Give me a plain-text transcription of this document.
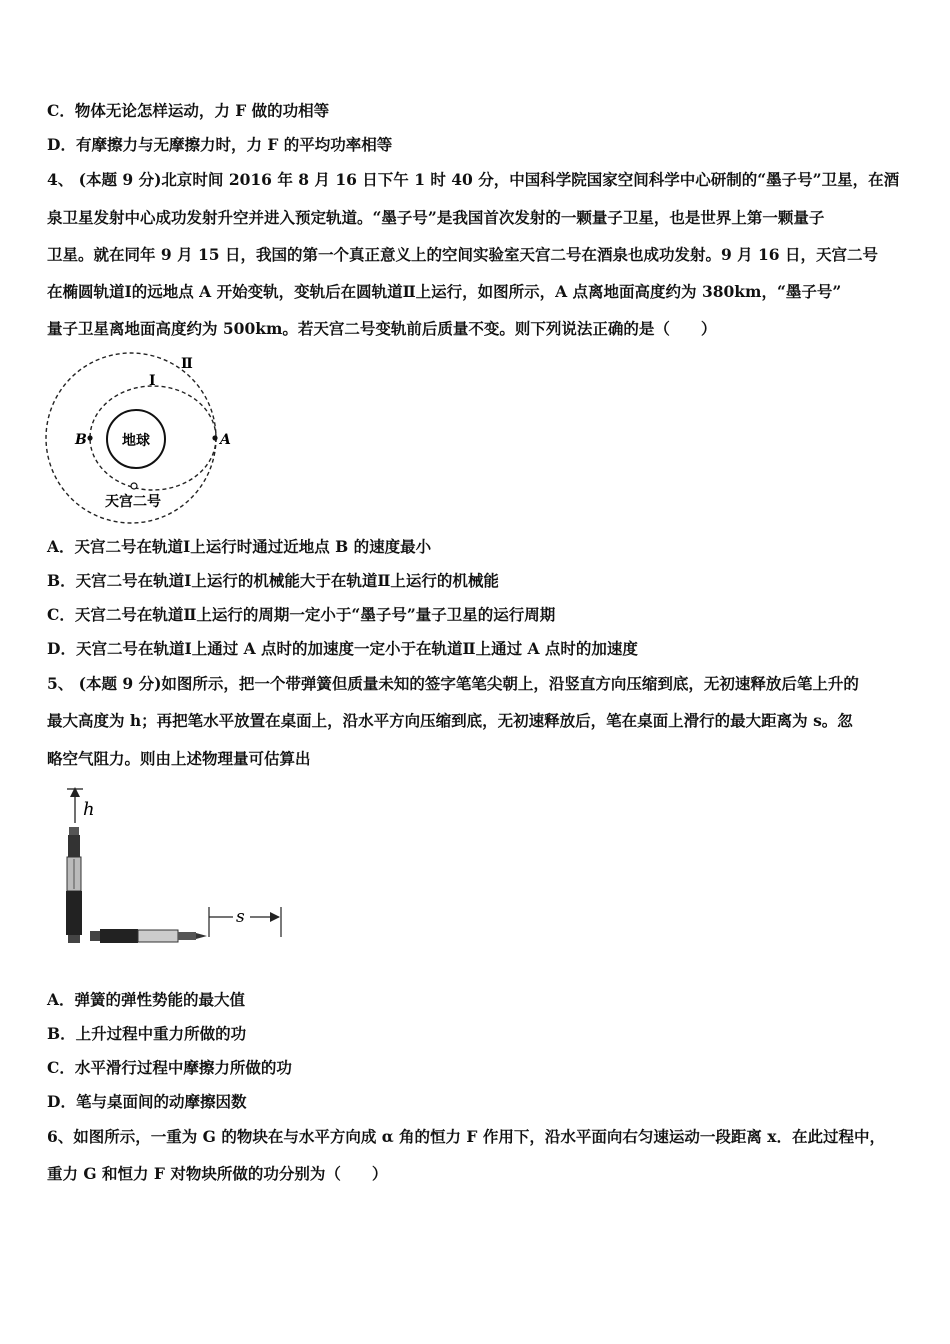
C．物体无论怎样运动，力 F 做的功相等
D．有摩擦力与无摩擦力时，力 F 的平均功率相等
4、 (本题 9 分)北京时间 2016 年 8 月 16 日下午 1 时 40 分，中国科学院国家空间科学中心研制的“墨子号”卫星，在酒
泉卫星发射中心成功发射升空并进入预定轨道。“墨子号”是我国首次发射的一颗量子卫星，也是世界上第一颗量子
卫星。就在同年 9 月 15 日，我国的第一个真正意义上的空间实验室天宫二号在酒泉也成功发射。9 月 16 日，天宫二号
在椭圆轨道Ⅰ的远地点 A 开始变轨，变轨后在圆轨道Ⅱ上运行，如图所示，A 点离地面高度约为 380km，“墨子号”
量子卫星离地面高度约为 500km。若天宫二号变轨前后质量不变。则下列说法正确的是（　　）
地球
B	A
Ⅱ
Ⅰ
天宫二号
A．天宫二号在轨道Ⅰ上运行时通过近地点 B 的速度最小
B．天宫二号在轨道Ⅰ上运行的机械能大于在轨道Ⅱ上运行的机械能
C．天宫二号在轨道Ⅱ上运行的周期一定小于“墨子号”量子卫星的运行周期
D．天宫二号在轨道Ⅰ上通过 A 点时的加速度一定小于在轨道Ⅱ上通过 A 点时的加速度
5、 (本题 9 分)如图所示，把一个带弹簧但质量未知的签字笔笔尖朝上，沿竖直方向压缩到底，无初速释放后笔上升的
最大高度为 h；再把笔水平放置在桌面上，沿水平方向压缩到底，无初速释放后，笔在桌面上滑行的最大距离为 s。忽
略空气阻力。则由上述物理量可估算出
h
s
A．弹簧的弹性势能的最大值
B．上升过程中重力所做的功
C．水平滑行过程中摩擦力所做的功
D．笔与桌面间的动摩擦因数
6、如图所示，一重为 G 的物块在与水平方向成 α 角的恒力 F 作用下，沿水平面向右匀速运动一段距离 x．在此过程中，
重力 G 和恒力 F 对物块所做的功分别为（　　）
